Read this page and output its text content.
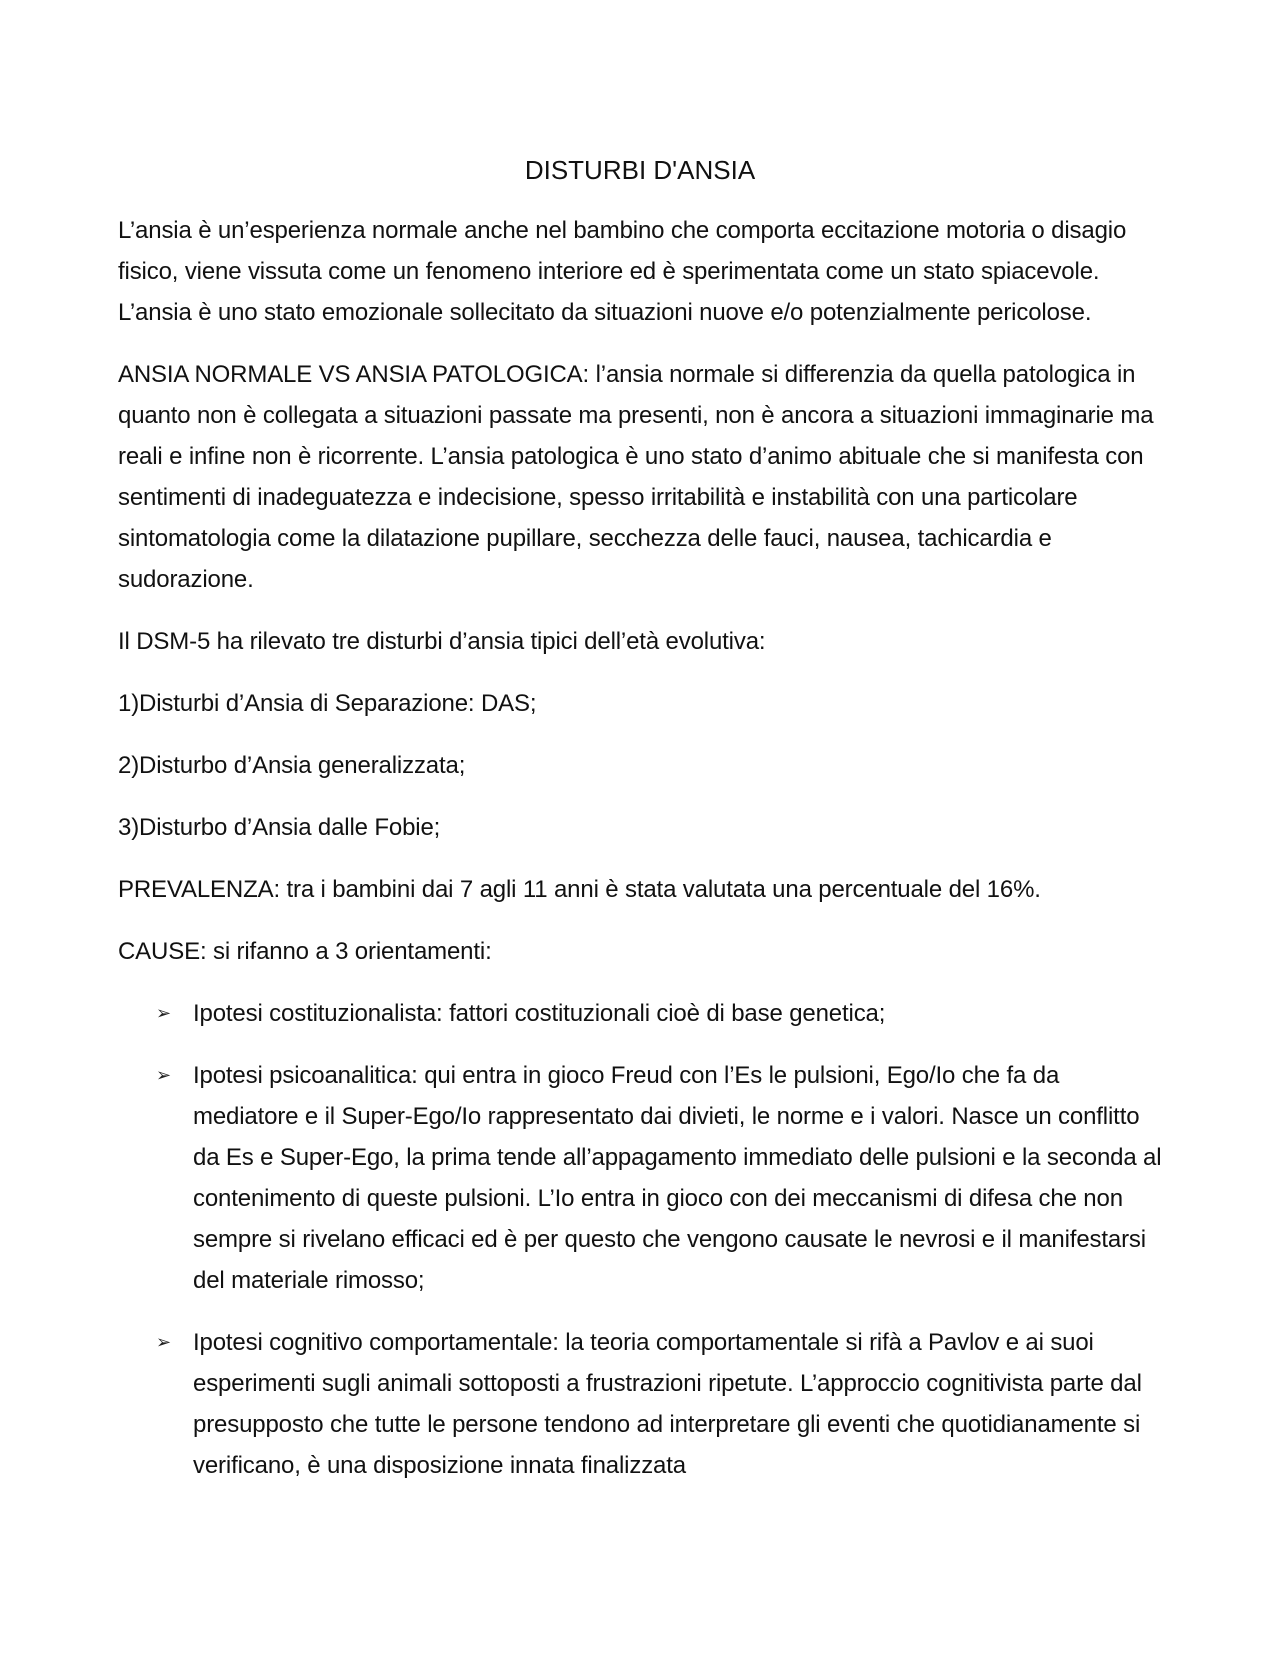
DISTURBI D'ANSIA

L’ansia è un’esperienza normale anche nel bambino che comporta eccitazione motoria o disagio fisico, viene vissuta come un fenomeno interiore ed è sperimentata come un stato spiacevole. L’ansia è uno stato emozionale sollecitato da situazioni nuove e/o potenzialmente pericolose.

ANSIA NORMALE VS ANSIA PATOLOGICA: l’ansia normale si differenzia da quella patologica in quanto non è collegata a situazioni passate ma presenti, non è ancora a situazioni immaginarie ma reali e infine non è ricorrente. L’ansia patologica è uno stato d’animo abituale che si manifesta con sentimenti di inadeguatezza e indecisione, spesso irritabilità e instabilità con una particolare sintomatologia come la dilatazione pupillare, secchezza delle fauci, nausea, tachicardia e sudorazione.

Il DSM-5 ha rilevato tre disturbi d’ansia tipici dell’età evolutiva:

1)Disturbi d’Ansia di Separazione: DAS;

2)Disturbo d’Ansia generalizzata;

3)Disturbo d’Ansia dalle Fobie;

PREVALENZA: tra i bambini dai 7 agli 11 anni è stata valutata una percentuale del 16%.

CAUSE: si rifanno a 3 orientamenti:

➢ Ipotesi costituzionalista: fattori costituzionali cioè di base genetica;
➢ Ipotesi psicoanalitica: qui entra in gioco Freud con l’Es le pulsioni, Ego/Io che fa da mediatore e il Super-Ego/Io rappresentato dai divieti, le norme e i valori. Nasce un conflitto da Es e Super-Ego, la prima tende all’appagamento immediato delle pulsioni e la seconda al contenimento di queste pulsioni. L’Io entra in gioco con dei meccanismi di difesa che non sempre si rivelano efficaci ed è per questo che vengono causate le nevrosi e il manifestarsi del materiale rimosso;
➢ Ipotesi cognitivo comportamentale: la teoria comportamentale si rifà a Pavlov e ai suoi esperimenti sugli animali sottoposti a frustrazioni ripetute. L’approccio cognitivista parte dal presupposto che tutte le persone tendono ad interpretare gli eventi che quotidianamente si verificano, è una disposizione innata finalizzata
